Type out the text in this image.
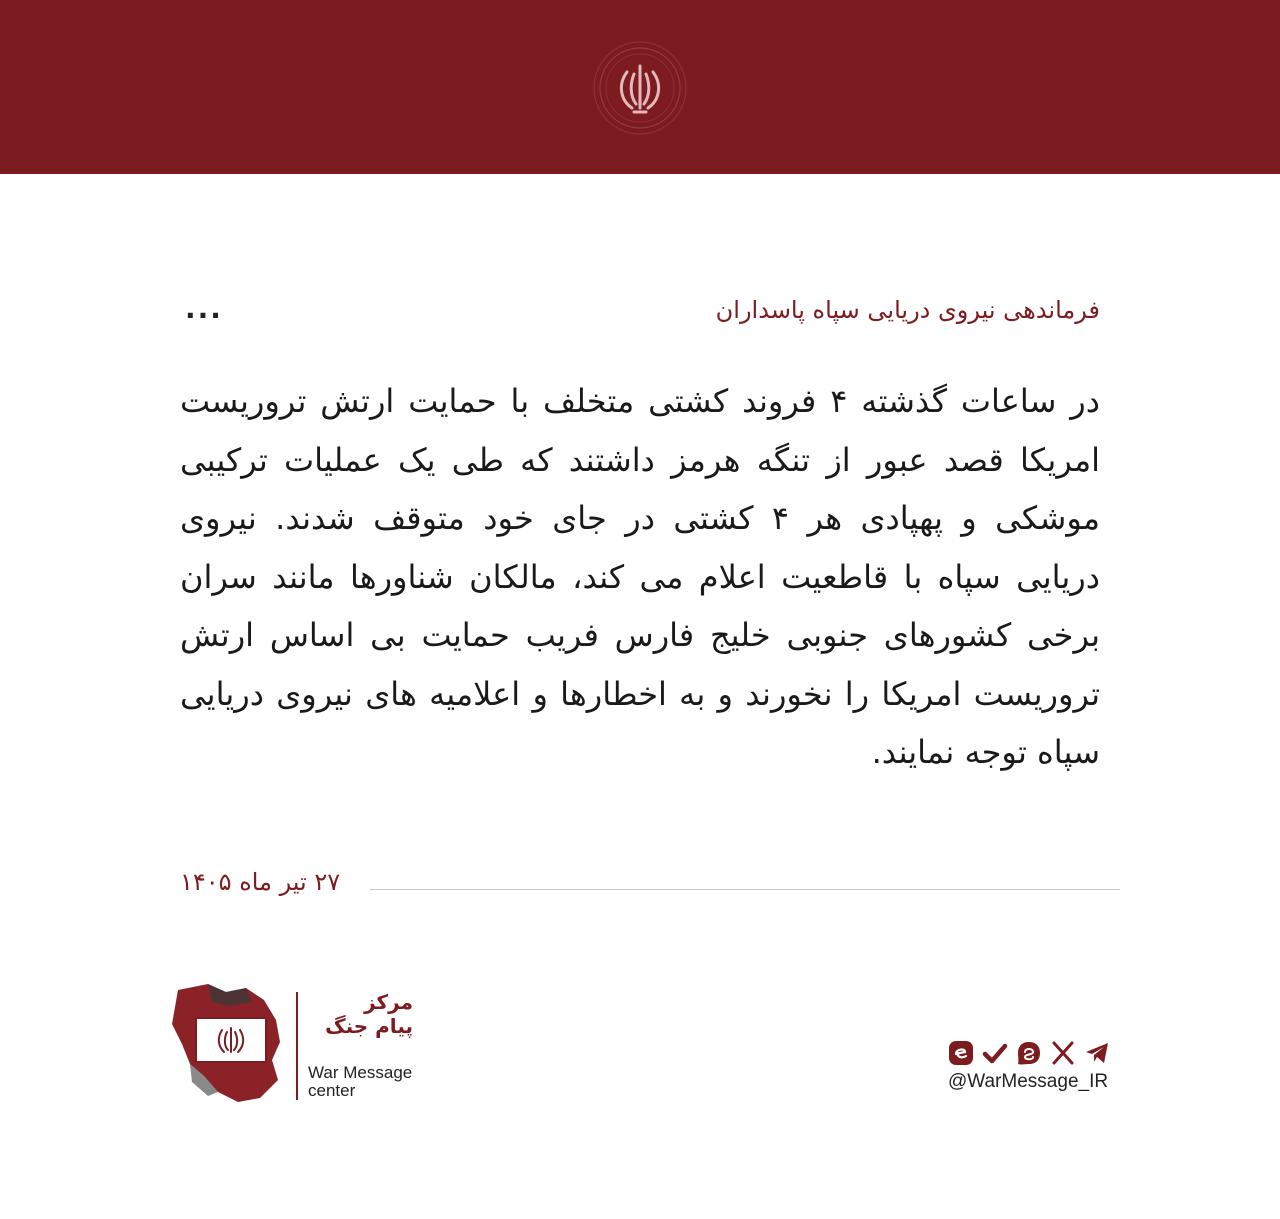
...	فرماندهی نیروی دریایی سپاه پاسداران
در ساعات گذشته ۴ فروند کشتی متخلف با حمایت ارتش تروریست امریکا قصد عبور از تنگه هرمز داشتند که طی یک عملیات ترکیبی موشکی و پهپادی هر ۴ کشتی در جای خود متوقف شدند. نیروی دریایی سپاه با قاطعیت اعلام می کند، مالکان شناورها مانند سران برخی کشورهای جنوبی خلیج فارس فریب حمایت بی اساس ارتش تروریست امریکا را نخورند و به اخطارها و اعلامیه های نیروی دریایی سپاه توجه نمایند.
۲۷ تیر ماه ۱۴۰۵
مرکز
پیام جنگ
War Message
center	@WarMessage_IR
